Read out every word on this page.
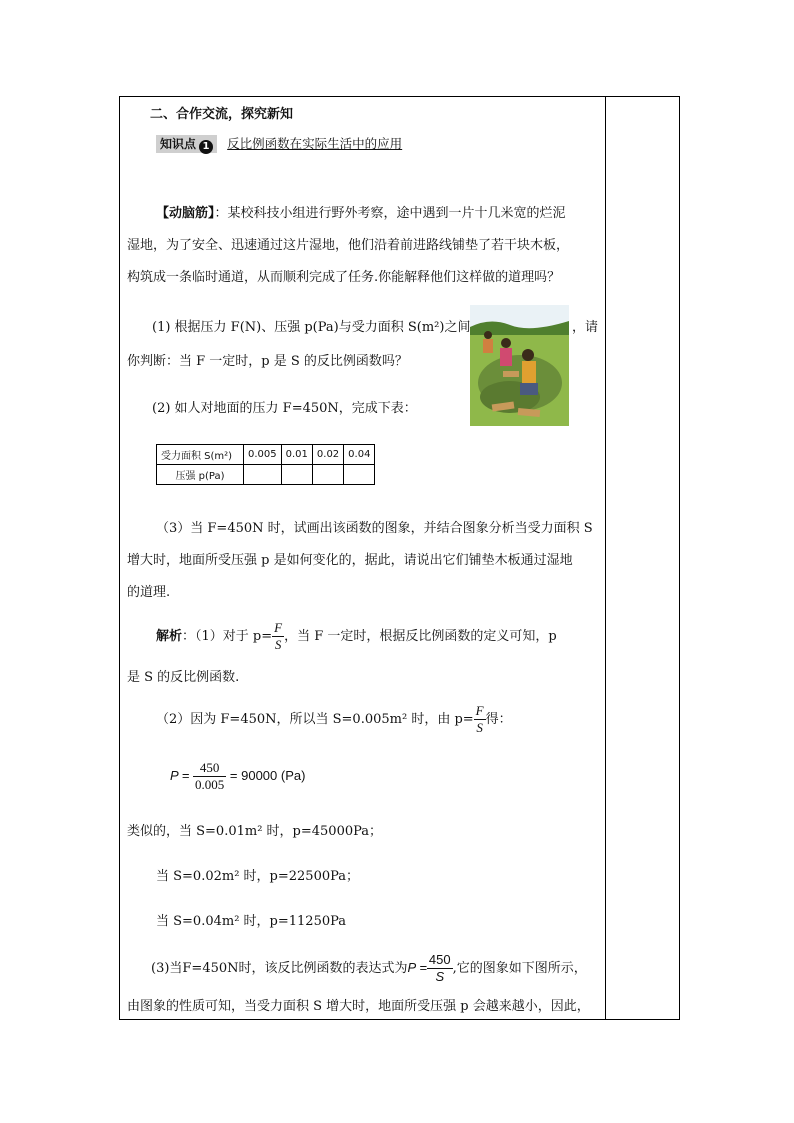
二、合作交流，探究新知
知识点 1 反比例函数在实际生活中的应用
【动脑筋】：某校科技小组进行野外考察，途中遇到一片十几米宽的烂泥
湿地，为了安全、迅速通过这片湿地，他们沿着前进路线铺垫了若干块木板，
构筑成一条临时通道，从而顺利完成了任务.你能解释他们这样做的道理吗？
(1) 根据压力 F(N)、压强 p(Pa)与受力面积 S(m²)之间	，请
你判断：当 F 一定时，p 是 S 的反比例函数吗？
(2) 如人对地面的压力 F=450N，完成下表：
受力面积 S(m²)	0.005	0.01	0.02	0.04
压强 p(Pa)				
（3）当 F=450N 时，试画出该函数的图象，并结合图象分析当受力面积 S
增大时，地面所受压强 p 是如何变化的，据此，请说出它们铺垫木板通过湿地
的道理.
解析：（1）对于 $p= \frac{F}{S}$ ，当 F 一定时，根据反比例函数的定义可知，p
是 S 的反比例函数.
（2）因为 F=450N，所以当 S=0.005m² 时，由 $p= \frac{F}{S}$ 得：
$P = \frac{450}{0.005} = 90000$ (Pa)
类似的，当 S=0.01m² 时，p=45000Pa；
当 S=0.02m² 时，p=22500Pa；
当 S=0.04m² 时，p=11250Pa
(3)当F=450N时，该反比例函数的表达式为$P = \frac{450}{S}$ ,它的图象如下图所示，
由图象的性质可知，当受力面积 S 增大时，地面所受压强 p 会越来越小，因此，
